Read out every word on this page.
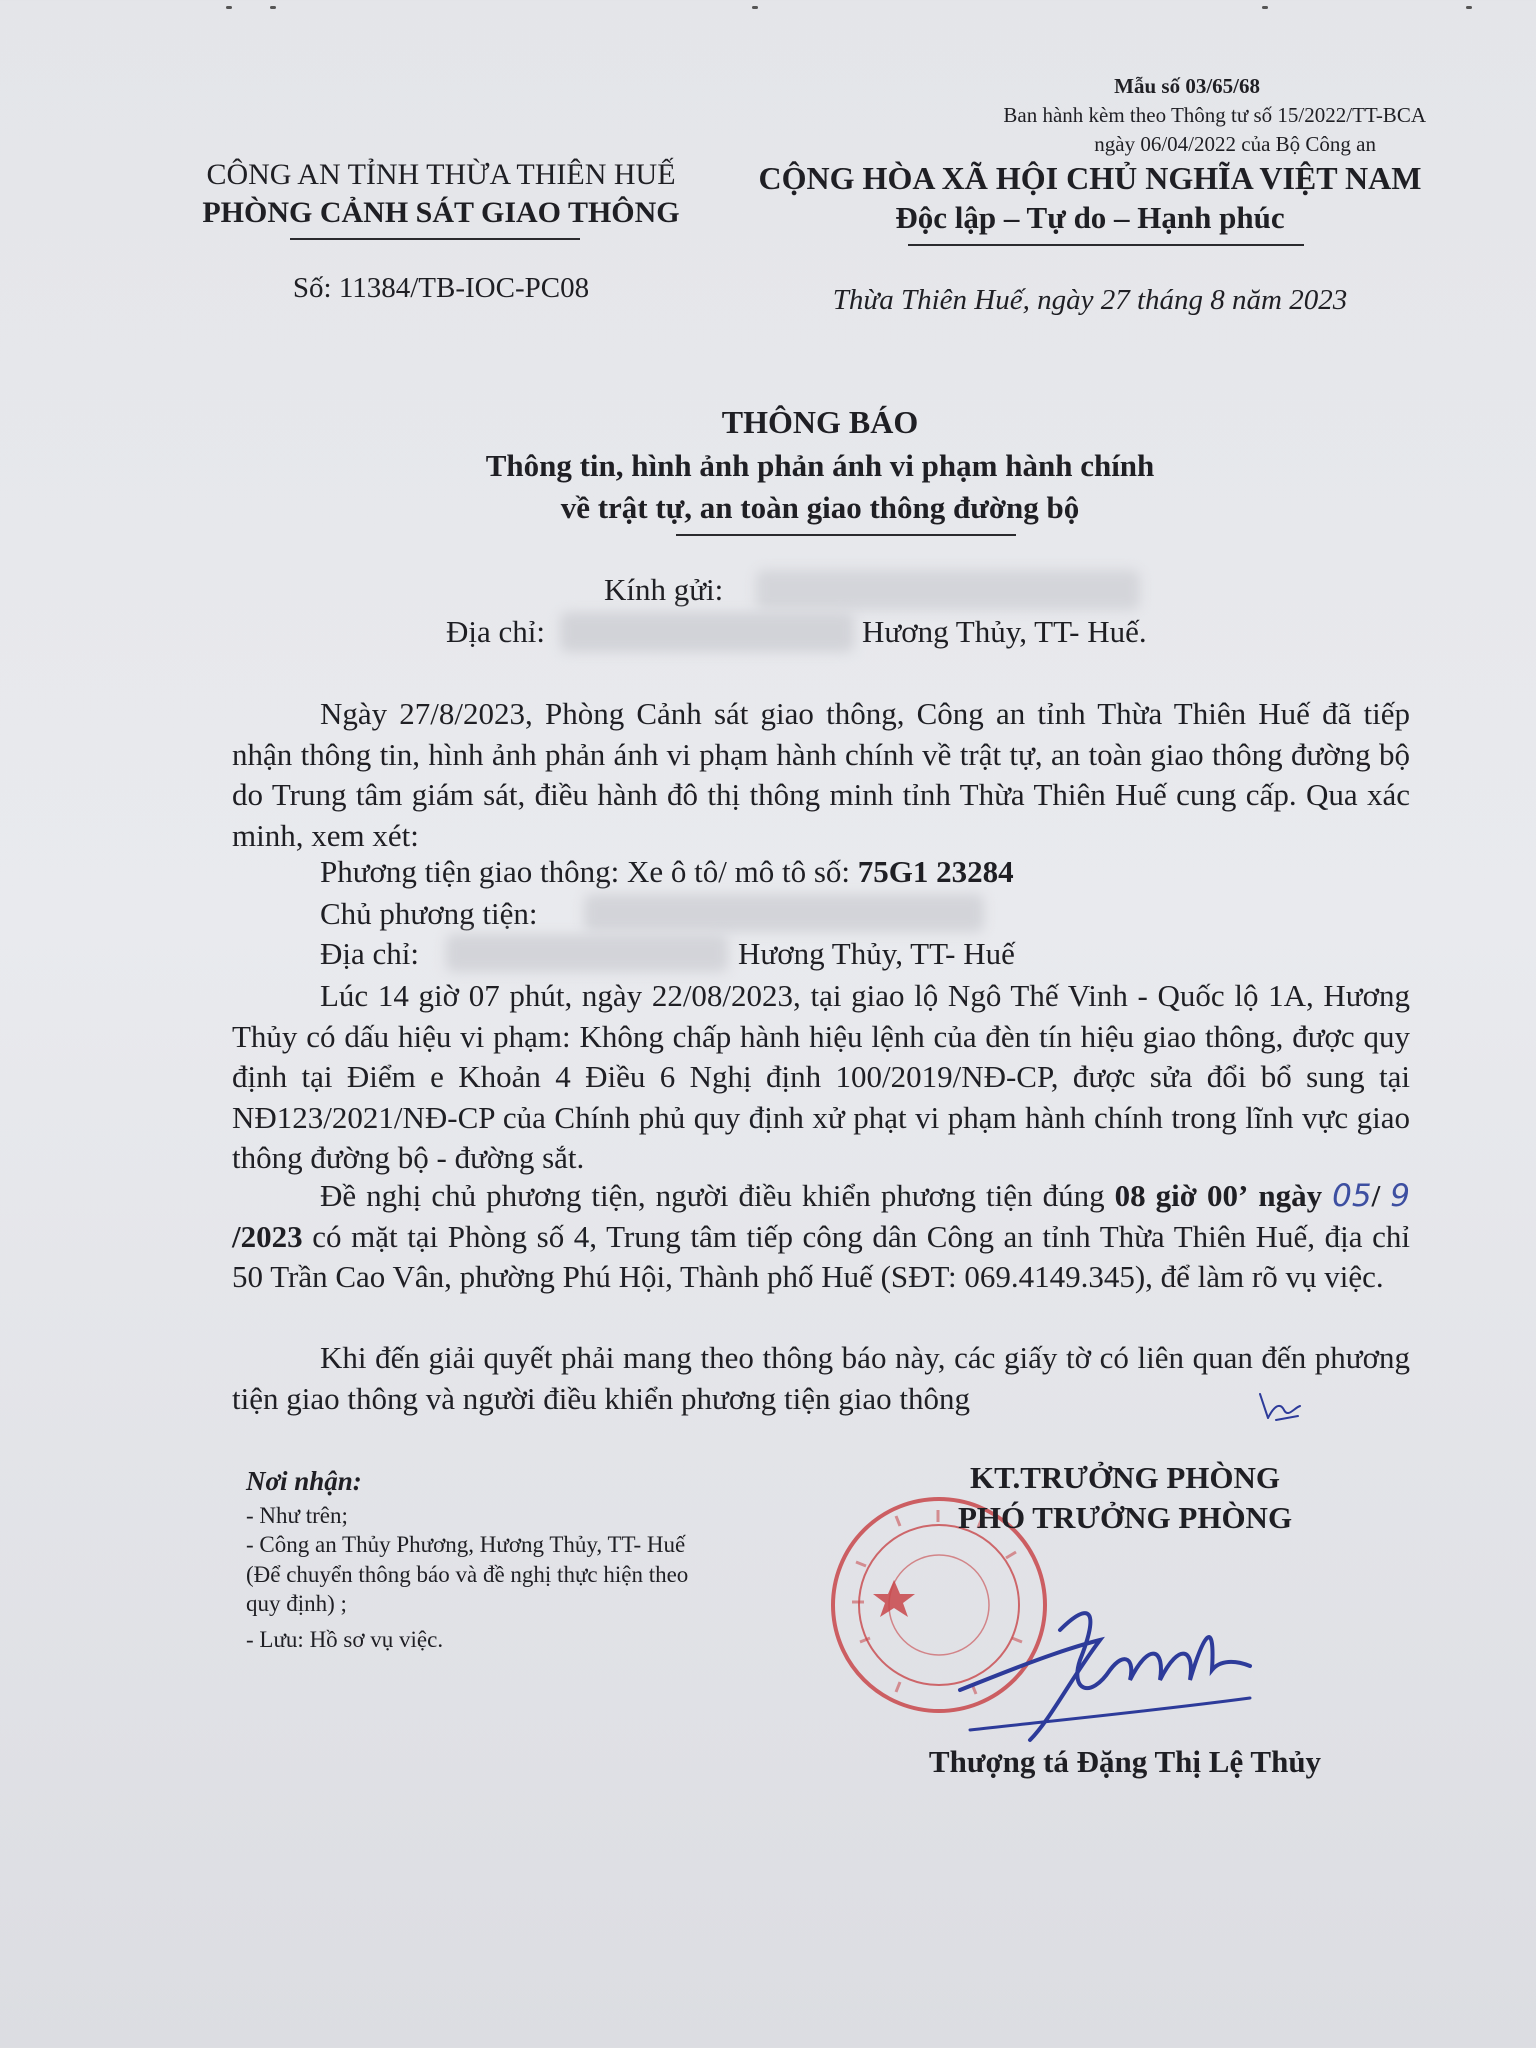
Mẫu số 03/65/68
Ban hành kèm theo Thông tư số 15/2022/TT-BCA
ngày 06/04/2022 của Bộ Công an
CÔNG AN TỈNH THỪA THIÊN HUẾ
PHÒNG CẢNH SÁT GIAO THÔNG
CỘNG HÒA XÃ HỘI CHỦ NGHĨA VIỆT NAM
Độc lập – Tự do – Hạnh phúc
Số: 11384/TB-IOC-PC08	Thừa Thiên Huế, ngày 27 tháng 8 năm 2023
THÔNG BÁO
Thông tin, hình ảnh phản ánh vi phạm hành chính
về trật tự, an toàn giao thông đường bộ
Kính gửi:
Địa chỉ:	Hương Thủy, TT- Huế.
Ngày 27/8/2023, Phòng Cảnh sát giao thông, Công an tỉnh Thừa Thiên Huế đã tiếp nhận thông tin, hình ảnh phản ánh vi phạm hành chính về trật tự, an toàn giao thông đường bộ do Trung tâm giám sát, điều hành đô thị thông minh tỉnh Thừa Thiên Huế cung cấp. Qua xác minh, xem xét:
Phương tiện giao thông: Xe ô tô/ mô tô số: 75G1 23284
Chủ phương tiện:
Địa chỉ:	Hương Thủy, TT- Huế
Lúc 14 giờ 07 phút, ngày 22/08/2023, tại giao lộ Ngô Thế Vinh - Quốc lộ 1A, Hương Thủy có dấu hiệu vi phạm: Không chấp hành hiệu lệnh của đèn tín hiệu giao thông, được quy định tại Điểm e Khoản 4 Điều 6 Nghị định 100/2019/NĐ-CP, được sửa đổi bổ sung tại NĐ123/2021/NĐ-CP của Chính phủ quy định xử phạt vi phạm hành chính trong lĩnh vực giao thông đường bộ - đường sắt.
Đề nghị chủ phương tiện, người điều khiển phương tiện đúng 08 giờ 00’ ngày 05/ 9 /2023 có mặt tại Phòng số 4, Trung tâm tiếp công dân Công an tỉnh Thừa Thiên Huế, địa chỉ 50 Trần Cao Vân, phường Phú Hội, Thành phố Huế (SĐT: 069.4149.345), để làm rõ vụ việc.
Khi đến giải quyết phải mang theo thông báo này, các giấy tờ có liên quan đến phương tiện giao thông và người điều khiển phương tiện giao thông
Nơi nhận:
- Như trên;
- Công an Thủy Phương, Hương Thủy, TT- Huế
(Để chuyển thông báo và đề nghị thực hiện theo
quy định) ;
- Lưu: Hồ sơ vụ việc.
KT.TRƯỞNG PHÒNG
PHÓ TRƯỞNG PHÒNG
Thượng tá Đặng Thị Lệ Thủy
